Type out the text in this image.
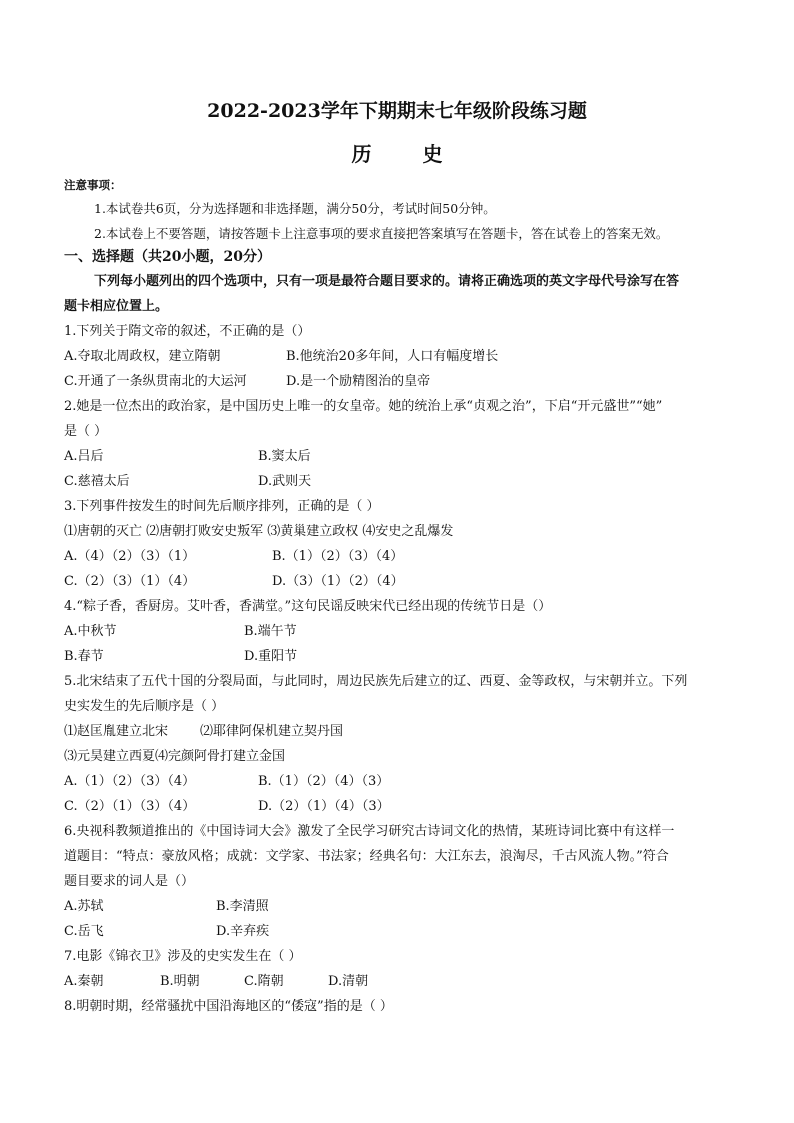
2022-2023学年下期期末七年级阶段练习题
历 史
注意事项：
1.本试卷共6页，分为选择题和非选择题，满分50分，考试时间50分钟。
2.本试卷上不要答题，请按答题卡上注意事项的要求直接把答案填写在答题卡，答在试卷上的答案无效。
一、选择题（共20小题，20分）
下列每小题列出的四个选项中，只有一项是最符合题目要求的。请将正确选项的英文字母代号涂写在答
题卡相应位置上。
1.下列关于隋文帝的叙述，不正确的是（）
A.夺取北周政权，建立隋朝	B.他统治20多年间，人口有幅度增长
C.开通了一条纵贯南北的大运河	D.是一个励精图治的皇帝
2.她是一位杰出的政治家，是中国历史上唯一的女皇帝。她的统治上承“贞观之治”，下启“开元盛世”“她”
是（ ）
A.吕后	B.窦太后
C.慈禧太后	D.武则天
3.下列事件按发生的时间先后顺序排列，正确的是（ ）
⑴唐朝的灭亡 ⑵唐朝打败安史叛军 ⑶黄巢建立政权 ⑷安史之乱爆发
A.（4）（2）（3）（1）	B.（1）（2）（3）（4）
C.（2）（3）（1）（4）	D.（3）（1）（2）（4）
4.“粽子香，香厨房。艾叶香，香满堂。”这句民谣反映宋代已经出现的传统节日是（）
A.中秋节	B.端午节
B.春节	D.重阳节
5.北宋结束了五代十国的分裂局面，与此同时，周边民族先后建立的辽、西夏、金等政权，与宋朝并立。下列
史实发生的先后顺序是（ ）
⑴赵匡胤建立北宋 ⑵耶律阿保机建立契丹国
⑶元昊建立西夏⑷完颜阿骨打建立金国
A.（1）（2）（3）（4）	B.（1）（2）（4）（3）
C.（2）（1）（3）（4）	D.（2）（1）（4）（3）
6.央视科教频道推出的《中国诗词大会》激发了全民学习研究古诗词文化的热情，某班诗词比赛中有这样一
道题目：“特点：豪放风格；成就：文学家、书法家；经典名句：大江东去，浪淘尽，千古风流人物。”符合
题目要求的词人是（）
A.苏轼	B.李清照
C.岳飞	D.辛弃疾
7.电影《锦衣卫》涉及的史实发生在（ ）
A.秦朝	B.明朝	C.隋朝	D.清朝
8.明朝时期，经常骚扰中国沿海地区的“倭寇”指的是（ ）
